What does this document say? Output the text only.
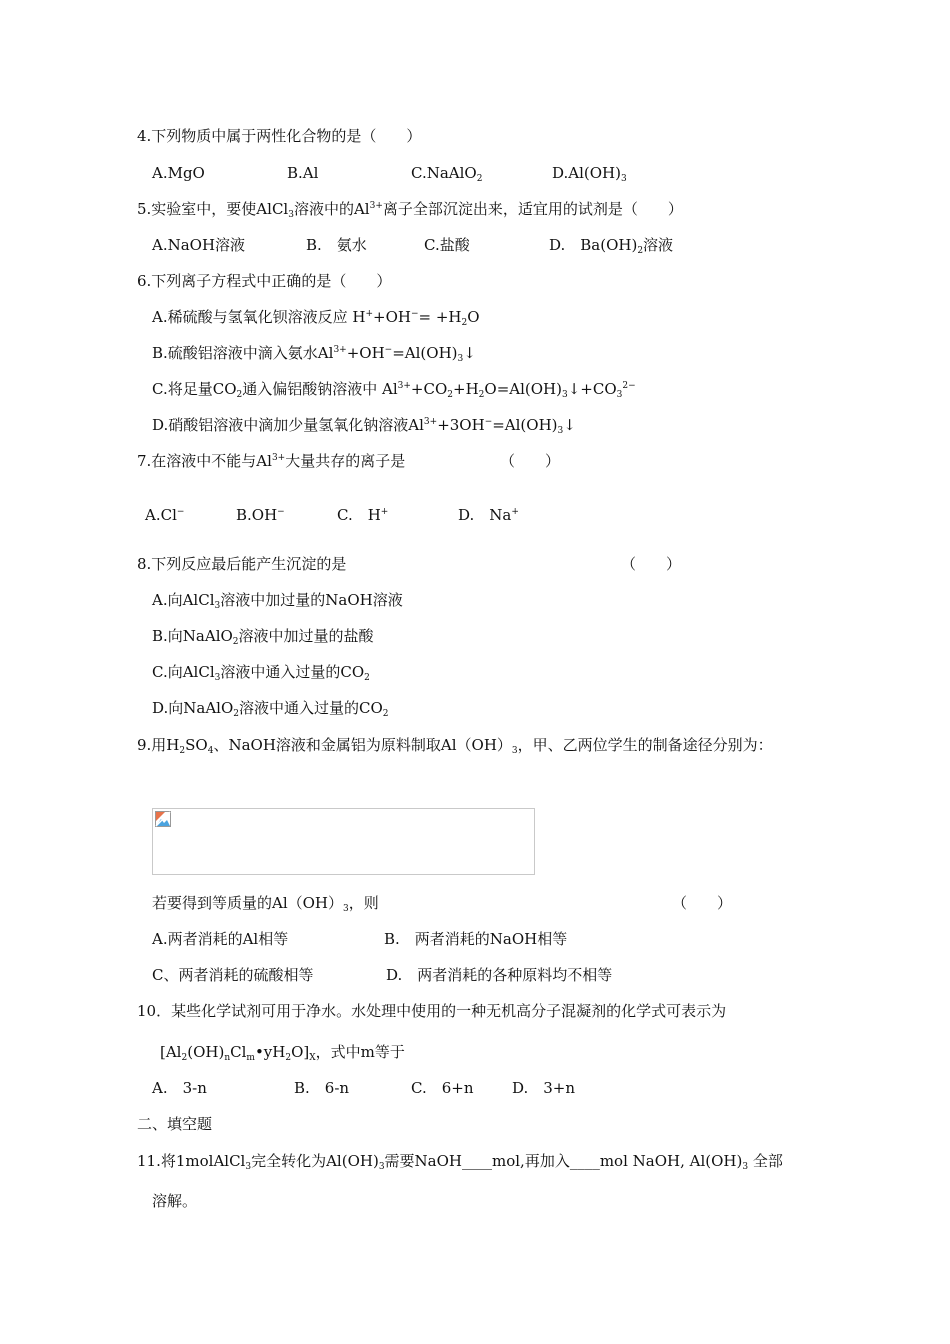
4.下列物质中属于两性化合物的是（　　）
A.MgO	B.Al	C.NaAlO$_2$	$D.Al(OH)_3$
5.实验室中，要使AlCl$_3$溶液中的$Al^{3+}$离子全部沉淀出来，适宜用的试剂是（　　）
A.NaOH溶液	B.　氨水	C.盐酸	D.　$Ba(OH)_2$溶液
6.下列离子方程式中正确的是（　　）
A.稀硫酸与氢氧化钡溶液反应 $H^++OH^-= +H_2O$
B.硫酸铝溶液中滴入氨水$Al^{3+}+OH^-=Al(OH)_3↓$
C.将足量$CO_2$通入偏铝酸钠溶液中 $Al^{3+}+CO_2+H_2O=Al(OH)_3↓+CO_3^{2-}$
D.硝酸铝溶液中滴加少量氢氧化钠溶液$Al^{3+}+3OH^-=Al(OH)_3↓$
7.在溶液中不能与$Al^{3+}$大量共存的离子是	（　　）
A.Cl−	B.OH−	C.　H+	D.　Na+
8.下列反应最后能产生沉淀的是	（　　）
A.向AlCl$_3$溶液中加过量的NaOH溶液
B.向NaAlO$_2$溶液中加过量的盐酸
C.向AlCl$_3$溶液中通入过量的$CO_2$
D.向NaAlO$_2$溶液中通入过量的$CO_2$
9.用$H_2SO_4$、NaOH溶液和金属铝为原料制取$Al(OH)_3$，甲、乙两位学生的制备途径分别为：
若要得到等质量的$Al(OH)_3$，则	（　　）
A.两者消耗的Al相等	B.　两者消耗的NaOH相等
C、两者消耗的硫酸相等	D.　两者消耗的各种原料均不相等
10．某些化学试剂可用于净水。水处理中使用的一种无机高分子混凝剂的化学式可表示为
$[Al_2(OH)_nCl_m•yH_2O]_X$，式中m等于
A.　3-n	B.　6-n	C.　6+n	D.　3+n
二、填空题
11.将1molAlCl$_3$完全转化为$Al(OH)_3$需要NaOH____mol,再加入____mol NaOH, $Al(OH)_3$ 全部
溶解。
